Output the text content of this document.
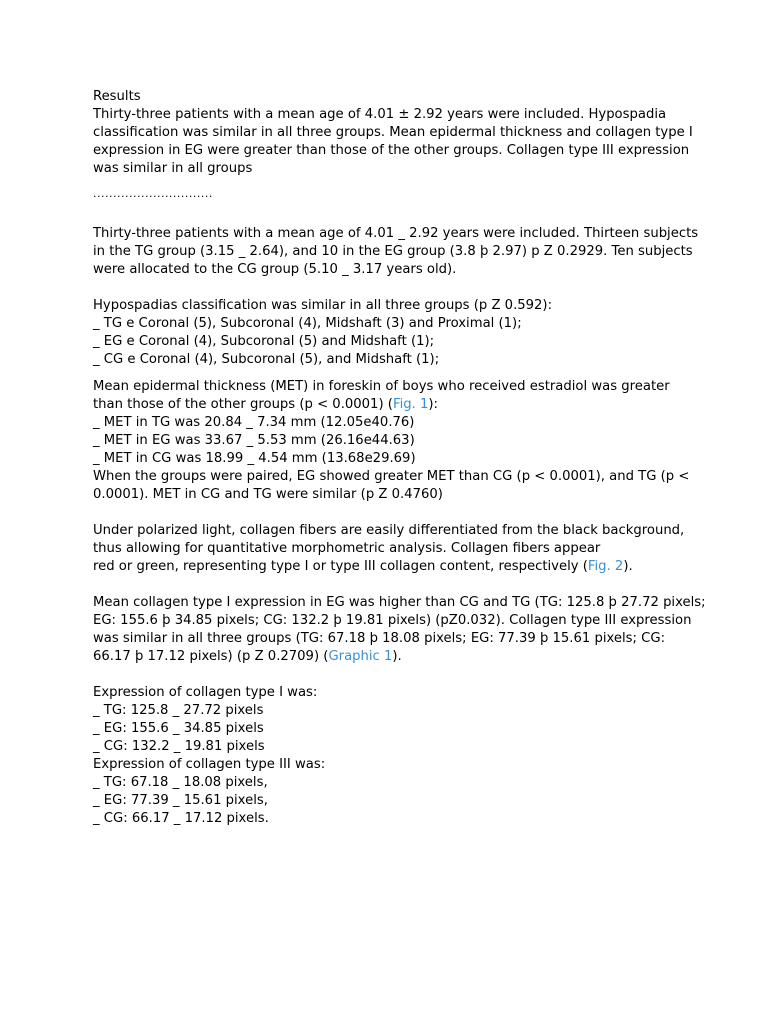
Results
Thirty-three patients with a mean age of 4.01 ± 2.92 years were included. Hypospadia
classification was similar in all three groups. Mean epidermal thickness and collagen type I
expression in EG were greater than those of the other groups. Collagen type III expression
was similar in all groups
..............................
Thirty-three patients with a mean age of 4.01 _ 2.92 years were included. Thirteen subjects
in the TG group (3.15 _ 2.64), and 10 in the EG group (3.8 þ 2.97) p Z 0.2929. Ten subjects
were allocated to the CG group (5.10 _ 3.17 years old).
Hypospadias classification was similar in all three groups (p Z 0.592):
_ TG e Coronal (5), Subcoronal (4), Midshaft (3) and Proximal (1);
_ EG e Coronal (4), Subcoronal (5) and Midshaft (1);
_ CG e Coronal (4), Subcoronal (5), and Midshaft (1);
Mean epidermal thickness (MET) in foreskin of boys who received estradiol was greater
than those of the other groups (p < 0.0001) (Fig. 1):
_ MET in TG was 20.84 _ 7.34 mm (12.05e40.76)
_ MET in EG was 33.67 _ 5.53 mm (26.16e44.63)
_ MET in CG was 18.99 _ 4.54 mm (13.68e29.69)
When the groups were paired, EG showed greater MET than CG (p < 0.0001), and TG (p <
0.0001). MET in CG and TG were similar (p Z 0.4760)
Under polarized light, collagen fibers are easily differentiated from the black background,
thus allowing for quantitative morphometric analysis. Collagen fibers appear
red or green, representing type I or type III collagen content, respectively (Fig. 2).
Mean collagen type I expression in EG was higher than CG and TG (TG: 125.8 þ 27.72 pixels;
EG: 155.6 þ 34.85 pixels; CG: 132.2 þ 19.81 pixels) (pZ0.032). Collagen type III expression
was similar in all three groups (TG: 67.18 þ 18.08 pixels; EG: 77.39 þ 15.61 pixels; CG:
66.17 þ 17.12 pixels) (p Z 0.2709) (Graphic 1).
Expression of collagen type I was:
_ TG: 125.8 _ 27.72 pixels
_ EG: 155.6 _ 34.85 pixels
_ CG: 132.2 _ 19.81 pixels
Expression of collagen type III was:
_ TG: 67.18 _ 18.08 pixels,
_ EG: 77.39 _ 15.61 pixels,
_ CG: 66.17 _ 17.12 pixels.
